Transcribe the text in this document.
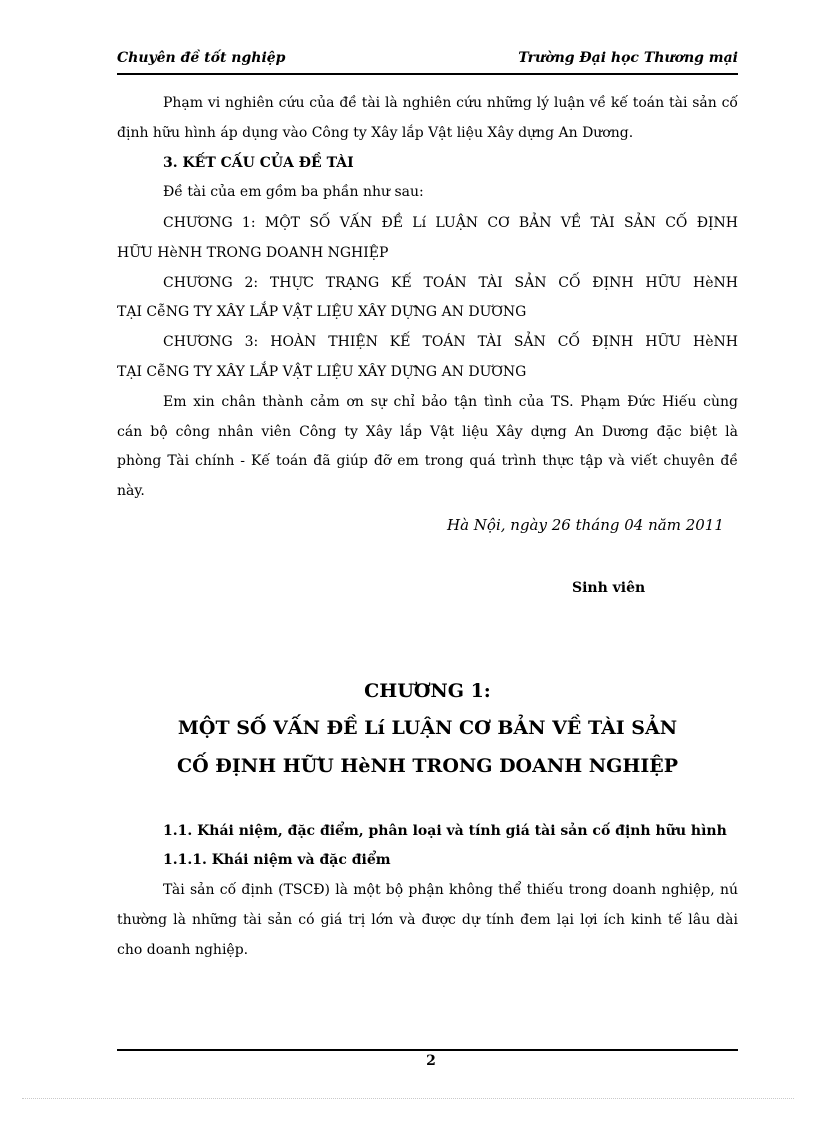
Chuyên đề tốt nghiệp	Trường Đại học Thương mại
Phạm vi nghiên cứu của đề tài là nghiên cứu những lý luận về kế toán tài sản cố
định hữu hình áp dụng vào Công ty Xây lắp Vật liệu Xây dựng An Dương.
3. KẾT CẤU CỦA ĐỀ TÀI
Đề tài của em gồm ba phần như sau:
CHƯƠNG 1: MỘT SỐ VẤN ĐỀ Lí LUẬN CƠ BẢN VỀ TÀI SẢN CỐ ĐỊNH
HỮU HèNH TRONG DOANH NGHIỆP
CHƯƠNG 2: THỰC TRẠNG KẾ TOÁN TÀI SẢN CỐ ĐỊNH HỮU HèNH
TẠI CễNG TY XÂY LẮP VẬT LIỆU XÂY DỰNG AN DƯƠNG
CHƯƠNG 3: HOÀN THIỆN KẾ TOÁN TÀI SẢN CỐ ĐỊNH HỮU HèNH
TẠI CễNG TY XÂY LẮP VẬT LIỆU XÂY DỰNG AN DƯƠNG
Em xin chân thành cảm ơn sự chỉ bảo tận tình của TS. Phạm Đức Hiếu cùng
cán bộ công nhân viên Công ty Xây lắp Vật liệu Xây dựng An Dương đặc biệt là
phòng Tài chính - Kế toán đã giúp đỡ em trong quá trình thực tập và viết chuyên đề
này.
Hà Nội, ngày 26 tháng 04 năm 2011
Sinh viên
CHƯƠNG 1:
MỘT SỐ VẤN ĐỀ Lí LUẬN CƠ BẢN VỀ TÀI SẢN
CỐ ĐỊNH HỮU HèNH TRONG DOANH NGHIỆP
1.1. Khái niệm, đặc điểm, phân loại và tính giá tài sản cố định hữu hình
1.1.1. Khái niệm và đặc điểm
Tài sản cố định (TSCĐ) là một bộ phận không thể thiếu trong doanh nghiệp, nú
thường là những tài sản có giá trị lớn và được dự tính đem lại lợi ích kinh tế lâu dài
cho doanh nghiệp.
2
